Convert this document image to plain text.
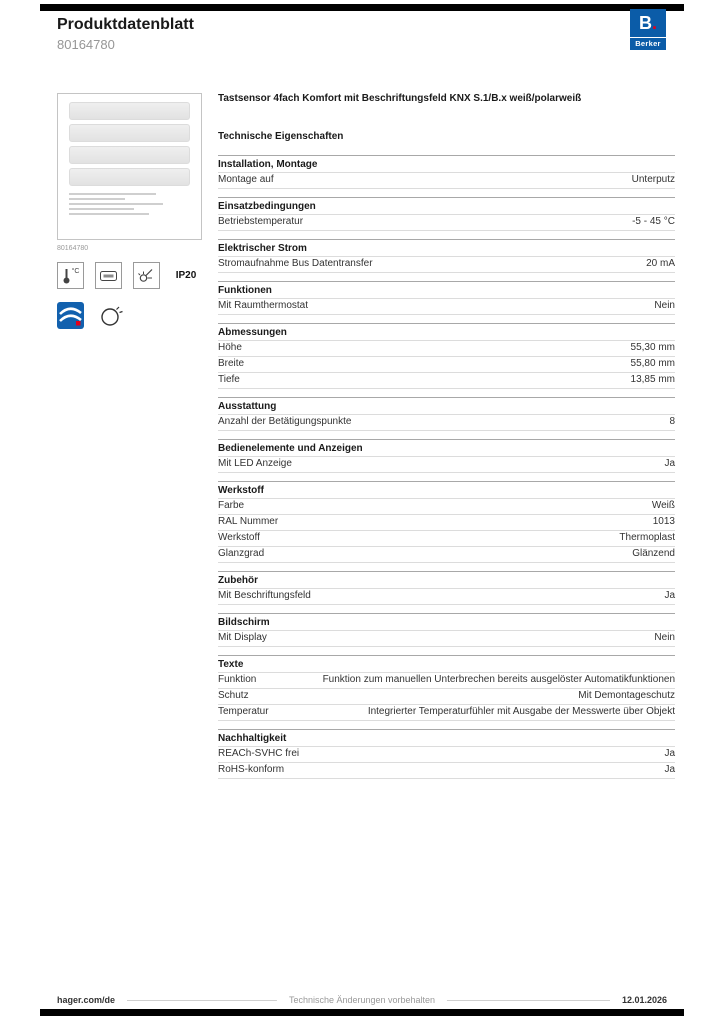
Produktdatenblatt
80164780
B .
Berker
80164780
°C	IP20
Tastsensor 4fach Komfort mit Beschriftungsfeld KNX S.1/B.x weiß/polarweiß
Technische Eigenschaften
Installation, Montage
Montage auf	Unterputz
Einsatzbedingungen
Betriebstemperatur	-5 - 45 °C
Elektrischer Strom
Stromaufnahme Bus Datentransfer	20 mA
Funktionen
Mit Raumthermostat	Nein
Abmessungen
Höhe	55,30 mm
Breite	55,80 mm
Tiefe	13,85 mm
Ausstattung
Anzahl der Betätigungspunkte	8
Bedienelemente und Anzeigen
Mit LED Anzeige	Ja
Werkstoff
Farbe	Weiß
RAL Nummer	1013
Werkstoff	Thermoplast
Glanzgrad	Glänzend
Zubehör
Mit Beschriftungsfeld	Ja
Bildschirm
Mit Display	Nein
Texte
Funktion	Funktion zum manuellen Unterbrechen bereits ausgelöster Automatikfunktionen
Schutz	Mit Demontageschutz
Temperatur	Integrierter Temperaturfühler mit Ausgabe der Messwerte über Objekt
Nachhaltigkeit
REACh-SVHC frei	Ja
RoHS-konform	Ja
hager.com/de	Technische Änderungen vorbehalten	12.01.2026
